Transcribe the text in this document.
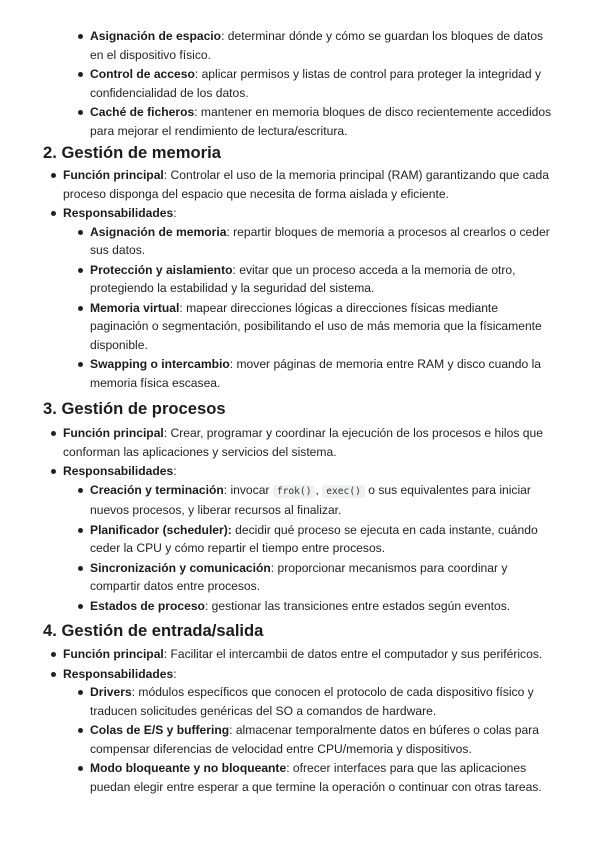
Asignación de espacio: determinar dónde y cómo se guardan los bloques de datos en el dispositivo físico.
Control de acceso: aplicar permisos y listas de control para proteger la integridad y confidencialidad de los datos.
Caché de ficheros: mantener en memoria bloques de disco recientemente accedidos para mejorar el rendimiento de lectura/escritura.
2. Gestión de memoria
Función principal: Controlar el uso de la memoria principal (RAM) garantizando que cada proceso disponga del espacio que necesita de forma aislada y eficiente.
Responsabilidades:
Asignación de memoria: repartir bloques de memoria a procesos al crearlos o ceder sus datos.
Protección y aislamiento: evitar que un proceso acceda a la memoria de otro, protegiendo la estabilidad y la seguridad del sistema.
Memoria virtual: mapear direcciones lógicas a direcciones físicas mediante paginación o segmentación, posibilitando el uso de más memoria que la físicamente disponible.
Swapping o intercambio: mover páginas de memoria entre RAM y disco cuando la memoria física escasea.
3. Gestión de procesos
Función principal: Crear, programar y coordinar la ejecución de los procesos e hilos que conforman las aplicaciones y servicios del sistema.
Responsabilidades:
Creación y terminación: invocar frok() , exec() o sus equivalentes para iniciar nuevos procesos, y liberar recursos al finalizar.
Planificador (scheduler): decidir qué proceso se ejecuta en cada instante, cuándo ceder la CPU y cómo repartir el tiempo entre procesos.
Sincronización y comunicación: proporcionar mecanismos para coordinar y compartir datos entre procesos.
Estados de proceso: gestionar las transiciones entre estados según eventos.
4. Gestión de entrada/salida
Función principal: Facilitar el intercambii de datos entre el computador y sus periféricos.
Responsabilidades:
Drivers: módulos específicos que conocen el protocolo de cada dispositivo físico y traducen solicitudes genéricas del SO a comandos de hardware.
Colas de E/S y buffering: almacenar temporalmente datos en búferes o colas para compensar diferencias de velocidad entre CPU/memoria y dispositivos.
Modo bloqueante y no bloqueante: ofrecer interfaces para que las aplicaciones puedan elegir entre esperar a que termine la operación o continuar con otras tareas.
